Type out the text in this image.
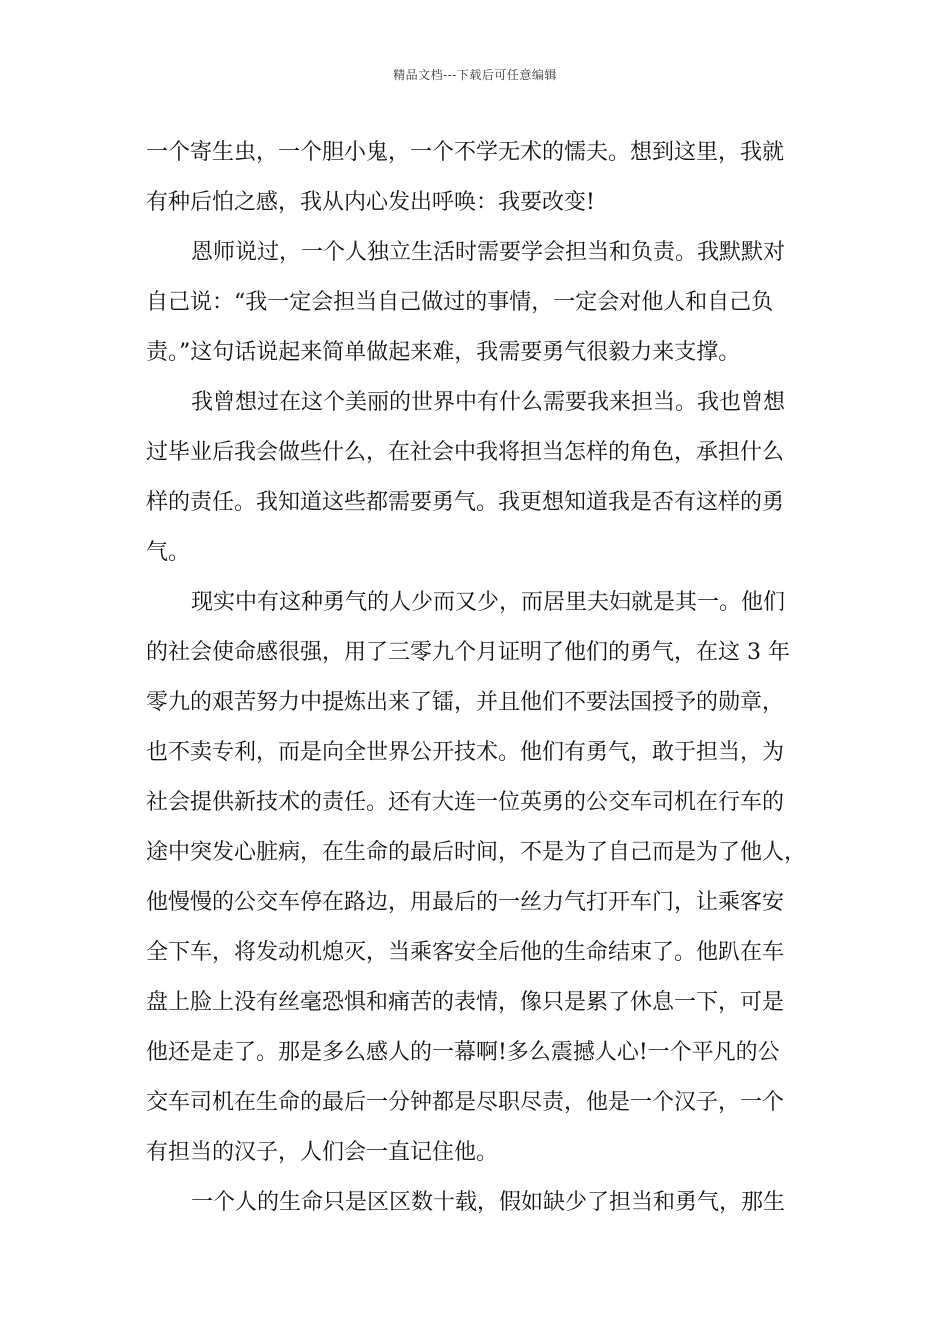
精品文档---下载后可任意编辑

一个寄生虫，一个胆小鬼，一个不学无术的懦夫。想到这里，我就
有种后怕之感，我从内心发出呼唤：我要改变!

恩师说过，一个人独立生活时需要学会担当和负责。我默默对
自己说：“我一定会担当自己做过的事情，一定会对他人和自己负
责。”这句话说起来简单做起来难，我需要勇气很毅力来支撑。

我曾想过在这个美丽的世界中有什么需要我来担当。我也曾想
过毕业后我会做些什么，在社会中我将担当怎样的角色，承担什么
样的责任。我知道这些都需要勇气。我更想知道我是否有这样的勇
气。

现实中有这种勇气的人少而又少，而居里夫妇就是其一。他们
的社会使命感很强，用了三零九个月证明了他们的勇气，在这 3 年
零九的艰苦努力中提炼出来了镭，并且他们不要法国授予的勋章，
也不卖专利，而是向全世界公开技术。他们有勇气，敢于担当，为
社会提供新技术的责任。还有大连一位英勇的公交车司机在行车的
途中突发心脏病，在生命的最后时间，不是为了自己而是为了他人，
他慢慢的公交车停在路边，用最后的一丝力气打开车门，让乘客安
全下车，将发动机熄灭，当乘客安全后他的生命结束了。他趴在车
盘上脸上没有丝毫恐惧和痛苦的表情，像只是累了休息一下，可是
他还是走了。那是多么感人的一幕啊!多么震撼人心!一个平凡的公
交车司机在生命的最后一分钟都是尽职尽责，他是一个汉子，一个
有担当的汉子，人们会一直记住他。

一个人的生命只是区区数十载，假如缺少了担当和勇气，那生
